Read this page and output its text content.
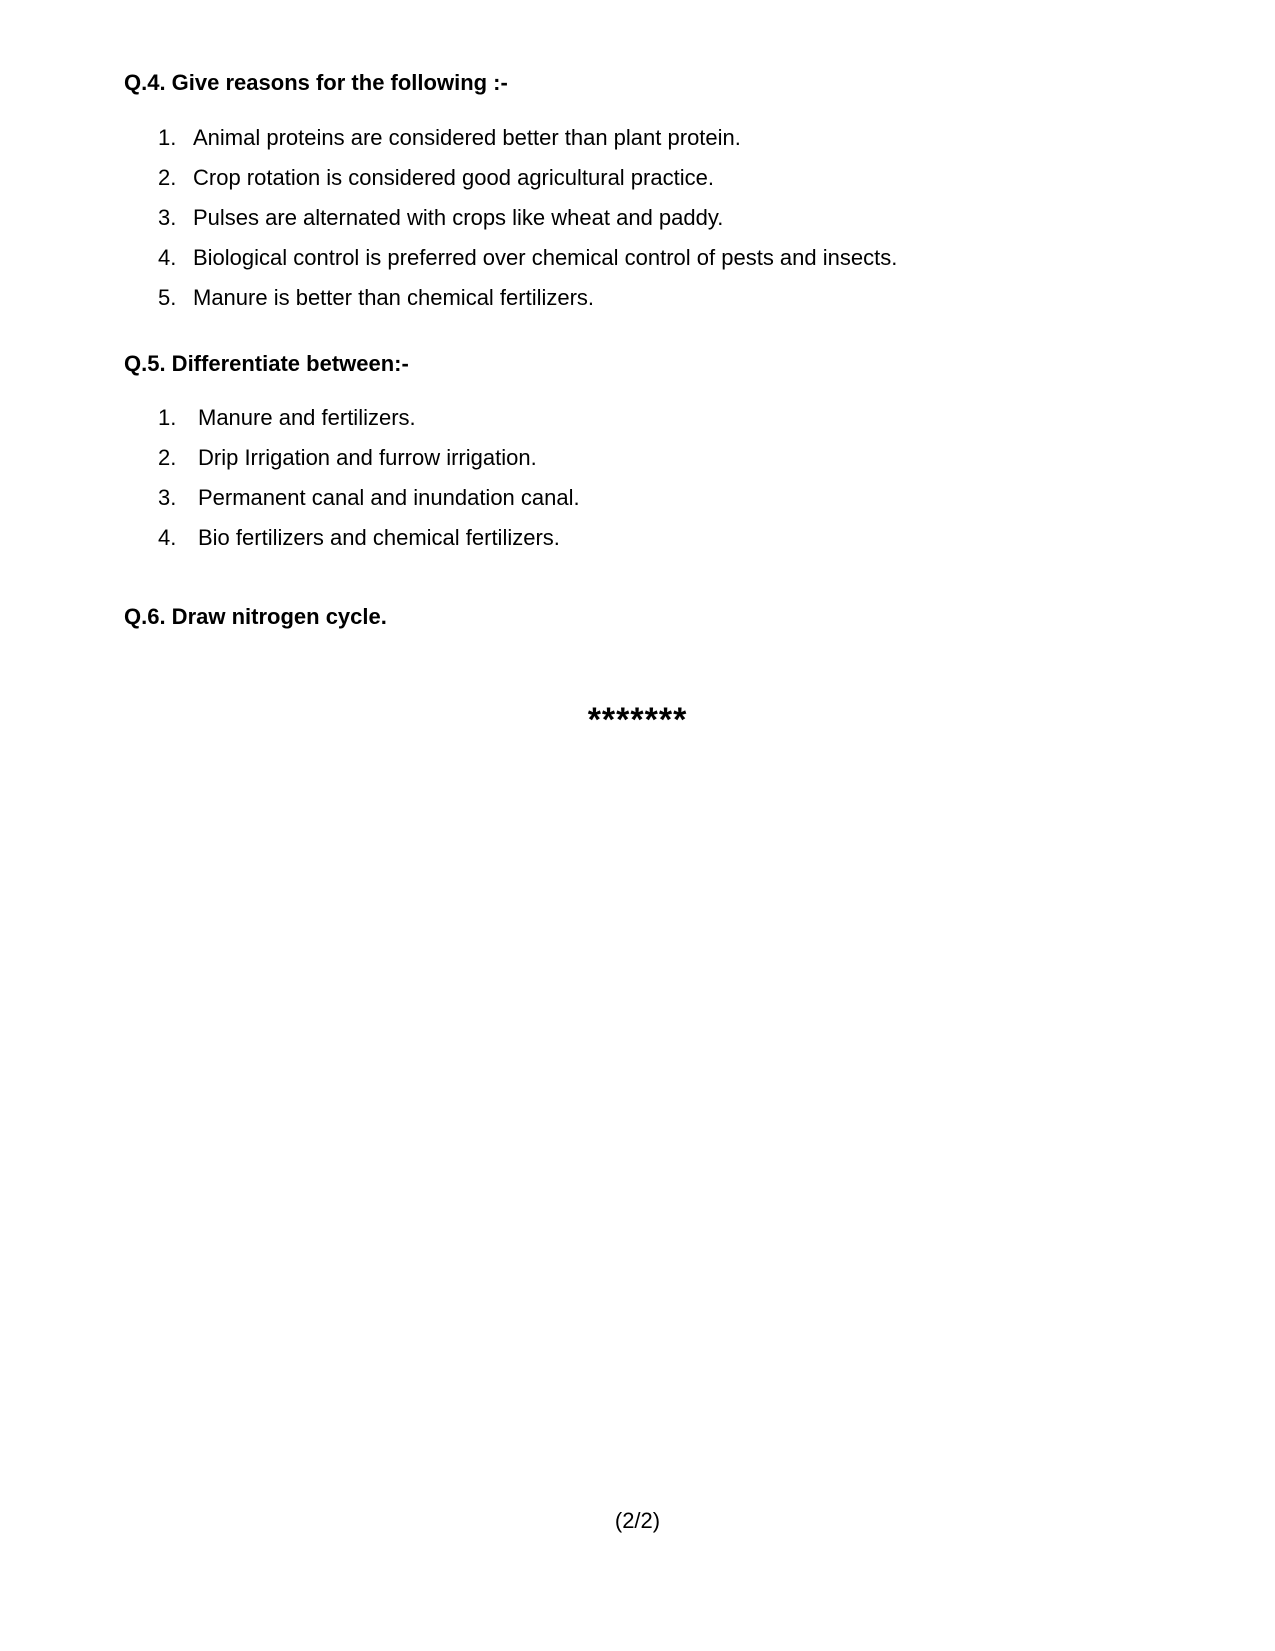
Q.4. Give reasons for the following :-
1. Animal proteins are considered better than plant protein.
2. Crop rotation is considered good agricultural practice.
3. Pulses are alternated with crops like wheat and paddy.
4. Biological control is preferred over chemical control of pests and insects.
5. Manure is better than chemical fertilizers.
Q.5. Differentiate between:-
1. Manure and fertilizers.
2. Drip Irrigation and furrow irrigation.
3. Permanent canal and inundation canal.
4. Bio fertilizers and chemical fertilizers.
Q.6. Draw nitrogen cycle.
*******
(2/2)
